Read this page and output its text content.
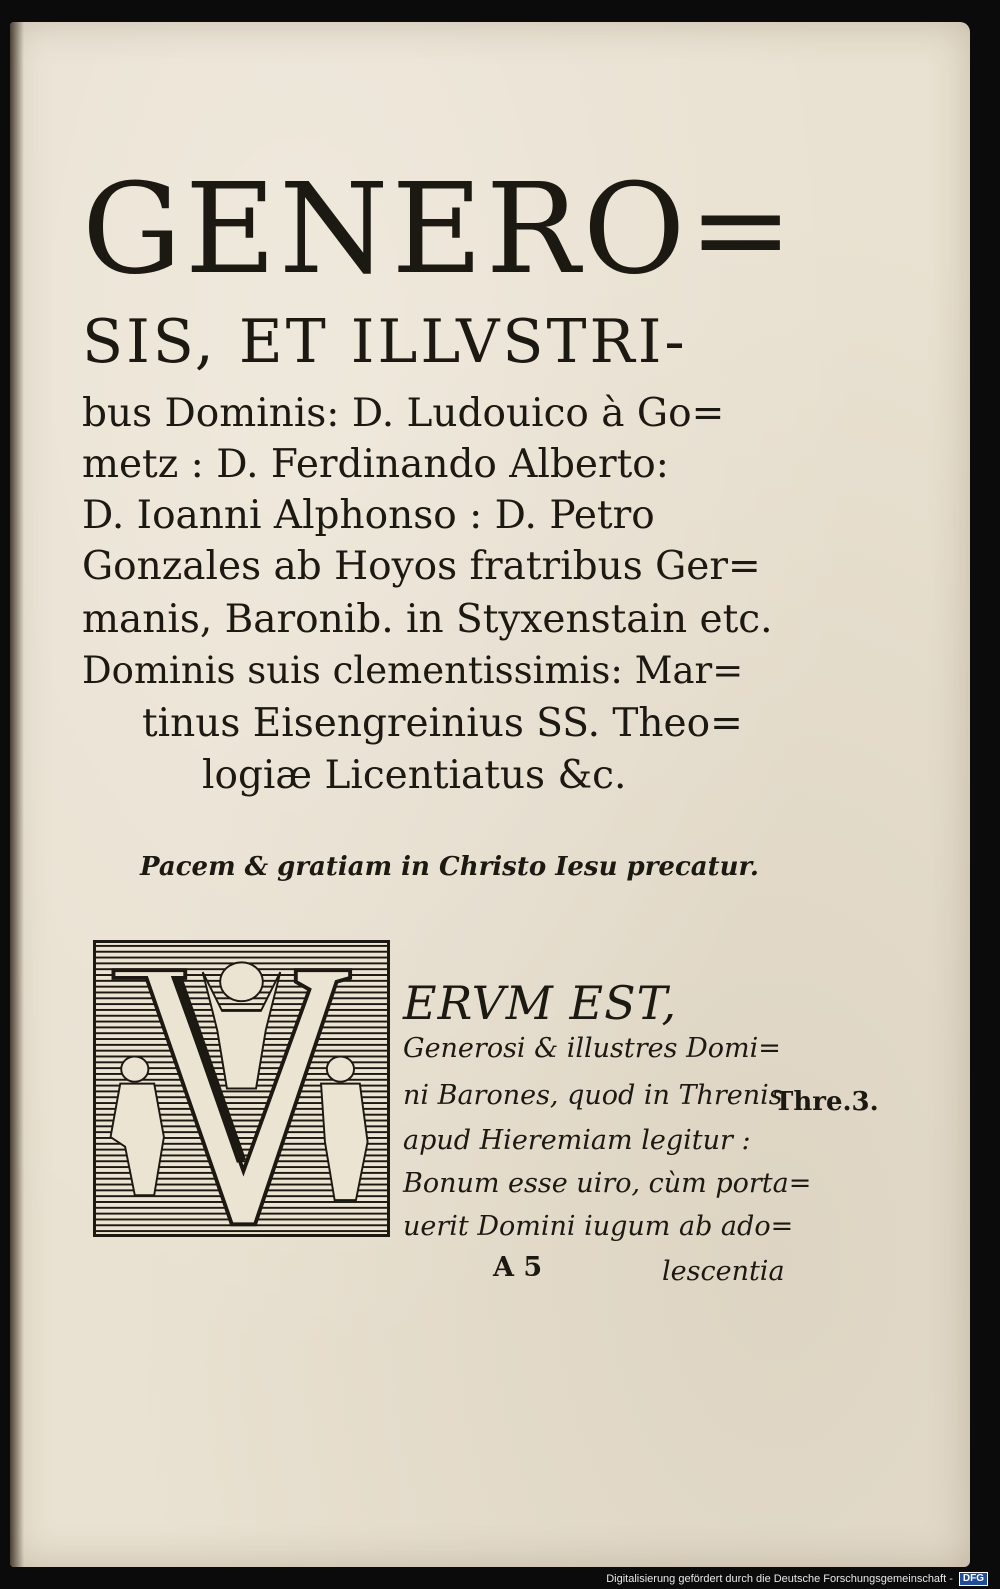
GENERO=
SIS, ET ILLVSTRI-
bus Dominis: D. Ludouico à Go=
metz : D. Ferdinando Alberto:
D. Ioanni Alphonso : D. Petro
Gonzales ab Hoyos fratribus Ger=
manis, Baronib. in Styxenstain etc.
Dominis suis clementissimis: Mar=
tinus Eisengreinius SS. Theo=
logiæ Licentiatus &c.
Pacem & gratiam in Christo Iesu precatur.
ERVM EST,
Generosi & illustres Domi=
ni Barones, quod in Threnis
apud Hieremiam legitur :
Bonum esse uiro, cùm porta=
uerit Domini iugum ab ado=
Thre.3.
A 5	lescentia
Digitalisierung gefördert durch die Deutsche Forschungsgemeinschaft -	DFG
